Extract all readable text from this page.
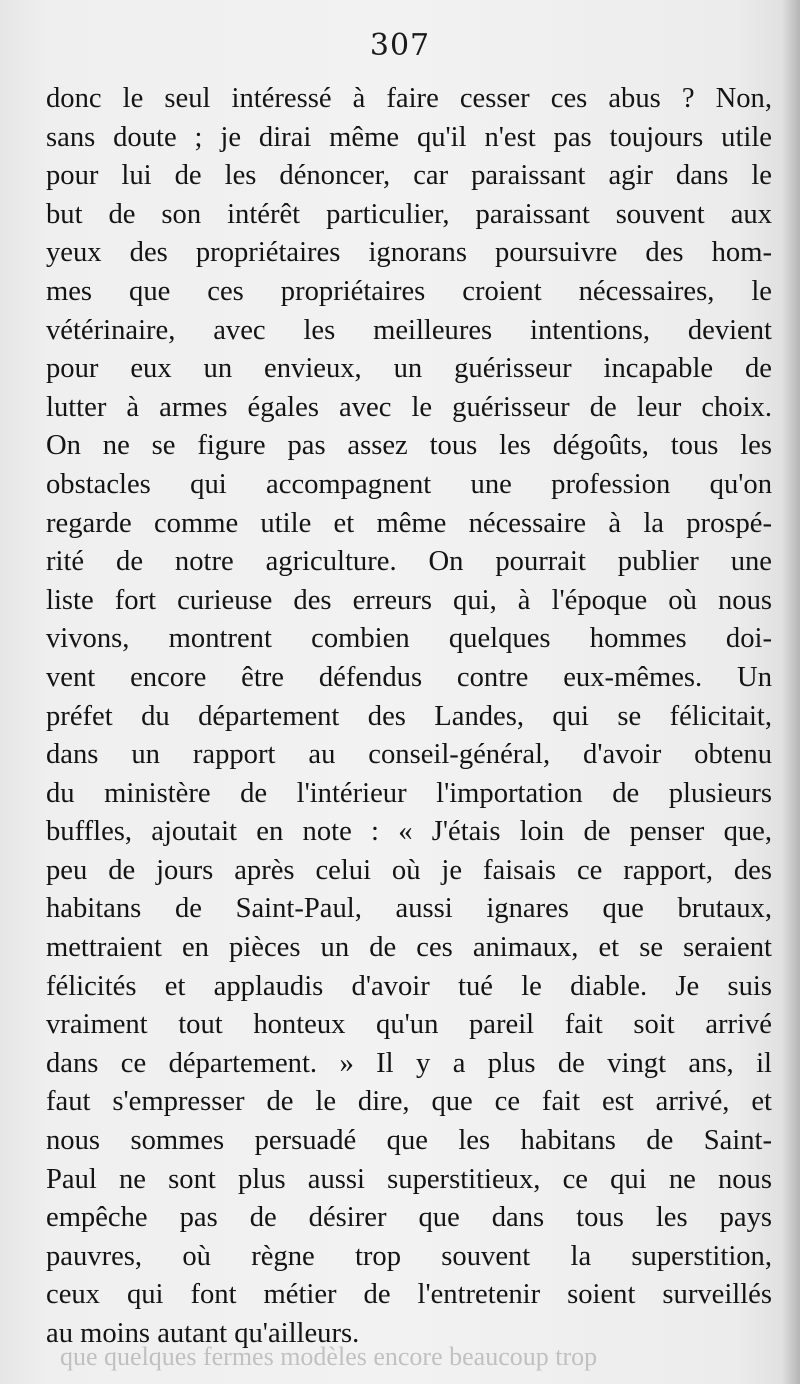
307
donc le seul intéressé à faire cesser ces abus ? Non,
sans doute ; je dirai même qu'il n'est pas toujours utile
pour lui de les dénoncer, car paraissant agir dans le
but de son intérêt particulier, paraissant souvent aux
yeux des propriétaires ignorans poursuivre des hom-
mes que ces propriétaires croient nécessaires, le
vétérinaire, avec les meilleures intentions, devient
pour eux un envieux, un guérisseur incapable de
lutter à armes égales avec le guérisseur de leur choix.
On ne se figure pas assez tous les dégoûts, tous les
obstacles qui accompagnent une profession qu'on
regarde comme utile et même nécessaire à la prospé-
rité de notre agriculture. On pourrait publier une
liste fort curieuse des erreurs qui, à l'époque où nous
vivons, montrent combien quelques hommes doi-
vent encore être défendus contre eux-mêmes. Un
préfet du département des Landes, qui se félicitait,
dans un rapport au conseil-général, d'avoir obtenu
du ministère de l'intérieur l'importation de plusieurs
buffles, ajoutait en note : « J'étais loin de penser que,
peu de jours après celui où je faisais ce rapport, des
habitans de Saint-Paul, aussi ignares que brutaux,
mettraient en pièces un de ces animaux, et se seraient
félicités et applaudis d'avoir tué le diable. Je suis
vraiment tout honteux qu'un pareil fait soit arrivé
dans ce département. » Il y a plus de vingt ans, il
faut s'empresser de le dire, que ce fait est arrivé, et
nous sommes persuadé que les habitans de Saint-
Paul ne sont plus aussi superstitieux, ce qui ne nous
empêche pas de désirer que dans tous les pays
pauvres, où règne trop souvent la superstition,
ceux qui font métier de l'entretenir soient surveillés
au moins autant qu'ailleurs.
que quelques fermes modèles encore beaucoup trop
